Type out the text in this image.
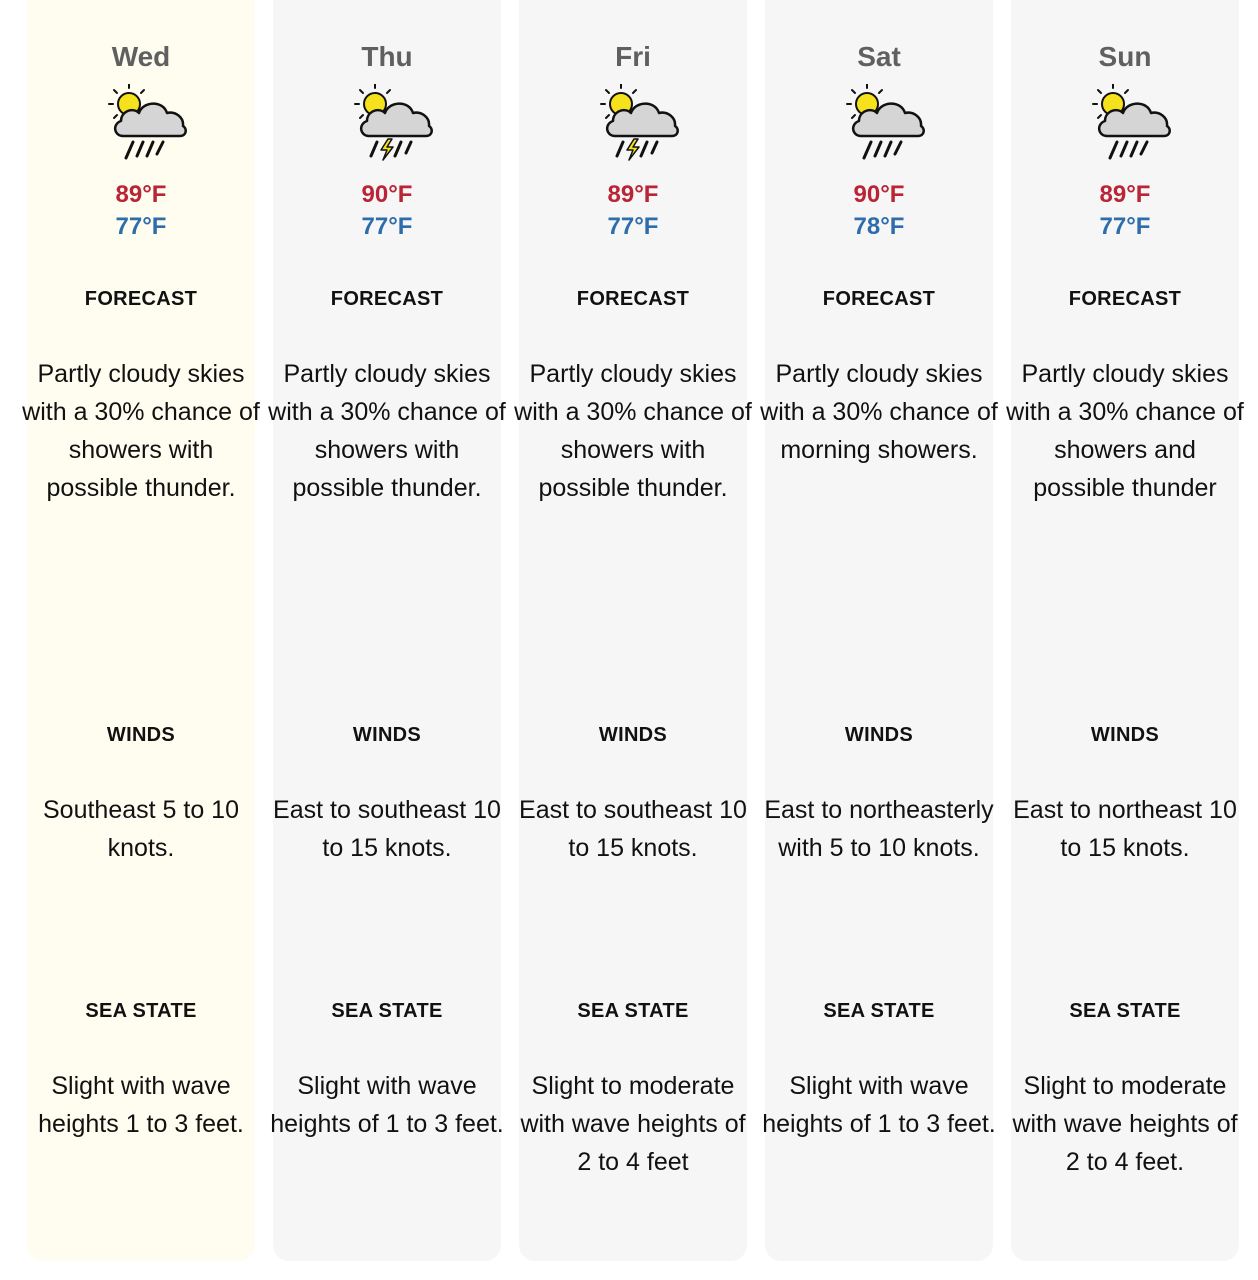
Wed
89°F
77°F
FORECAST
Partly cloudy skies with a 30% chance of showers with possible thunder.
WINDS
Southeast 5 to 10 knots.
SEA STATE
Slight with wave heights 1 to 3 feet.
Thu
90°F
77°F
FORECAST
Partly cloudy skies with a 30% chance of showers with possible thunder.
WINDS
East to southeast 10 to 15 knots.
SEA STATE
Slight with wave heights of 1 to 3 feet.
Fri
89°F
77°F
FORECAST
Partly cloudy skies with a 30% chance of showers with possible thunder.
WINDS
East to southeast 10 to 15 knots.
SEA STATE
Slight to moderate with wave heights of 2 to 4 feet
Sat
90°F
78°F
FORECAST
Partly cloudy skies with a 30% chance of morning showers.
WINDS
East to northeasterly with 5 to 10 knots.
SEA STATE
Slight with wave heights of 1 to 3 feet.
Sun
89°F
77°F
FORECAST
Partly cloudy skies with a 30% chance of showers and possible thunder
WINDS
East to northeast 10 to 15 knots.
SEA STATE
Slight to moderate with wave heights of 2 to 4 feet.
